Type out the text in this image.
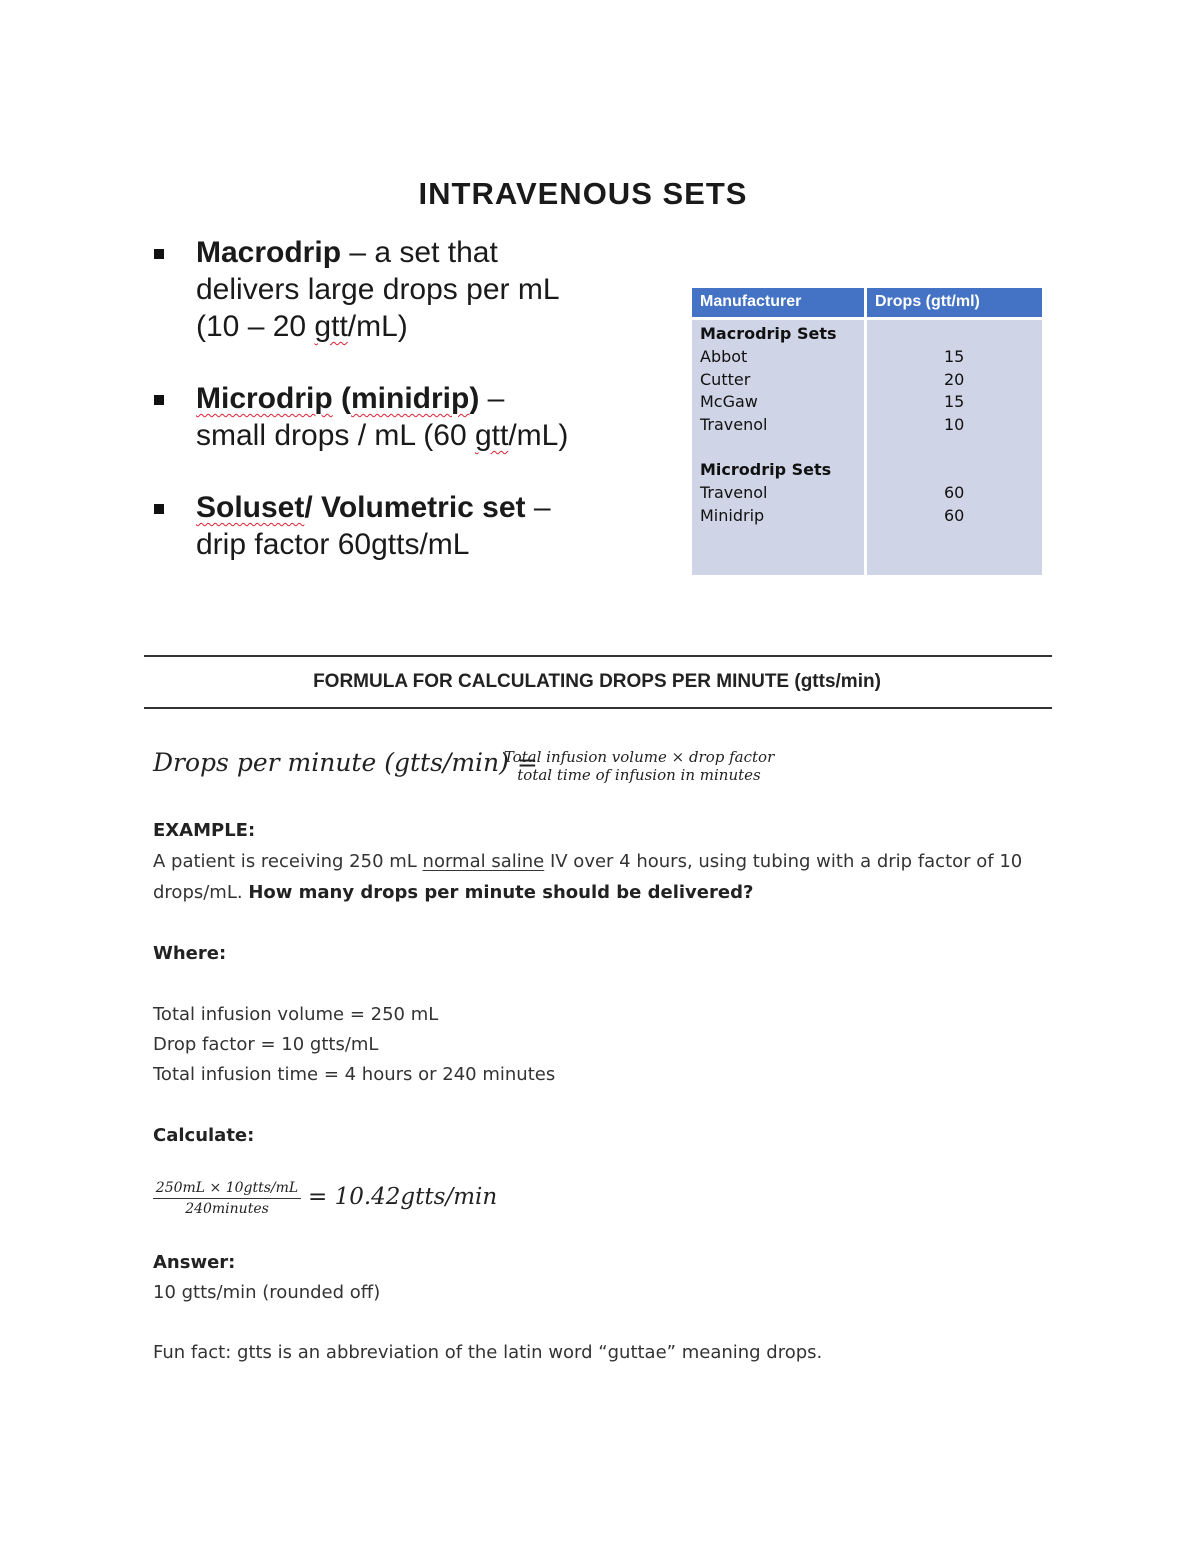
INTRAVENOUS SETS
Macrodrip – a set that
delivers large drops per mL
(10 – 20 gtt/mL)
Microdrip (minidrip) –
small drops / mL (60 gtt/mL)
Soluset/ Volumetric set –
drip factor 60gtts/mL
Manufacturer	Drops (gtt/ml)
Macrodrip Sets
Abbot	15
Cutter	20
McGaw	15
Travenol	10
Microdrip Sets
Travenol	60
Minidrip	60
FORMULA FOR CALCULATING DROPS PER MINUTE (gtts/min)
Drops per minute (gtts/min) =
Total infusion volume × drop factor
total time of infusion in minutes
EXAMPLE:
A patient is receiving 250 mL normal saline IV over 4 hours, using tubing with a drip factor of 10
drops/mL. How many drops per minute should be delivered?
Where:
Total infusion volume = 250 mL
Drop factor = 10 gtts/mL
Total infusion time = 4 hours or 240 minutes
Calculate:
250mL × 10gtts/mL
240minutes	= 10.42gtts/min
Answer:
10 gtts/min (rounded off)
Fun fact: gtts is an abbreviation of the latin word “guttae” meaning drops.
